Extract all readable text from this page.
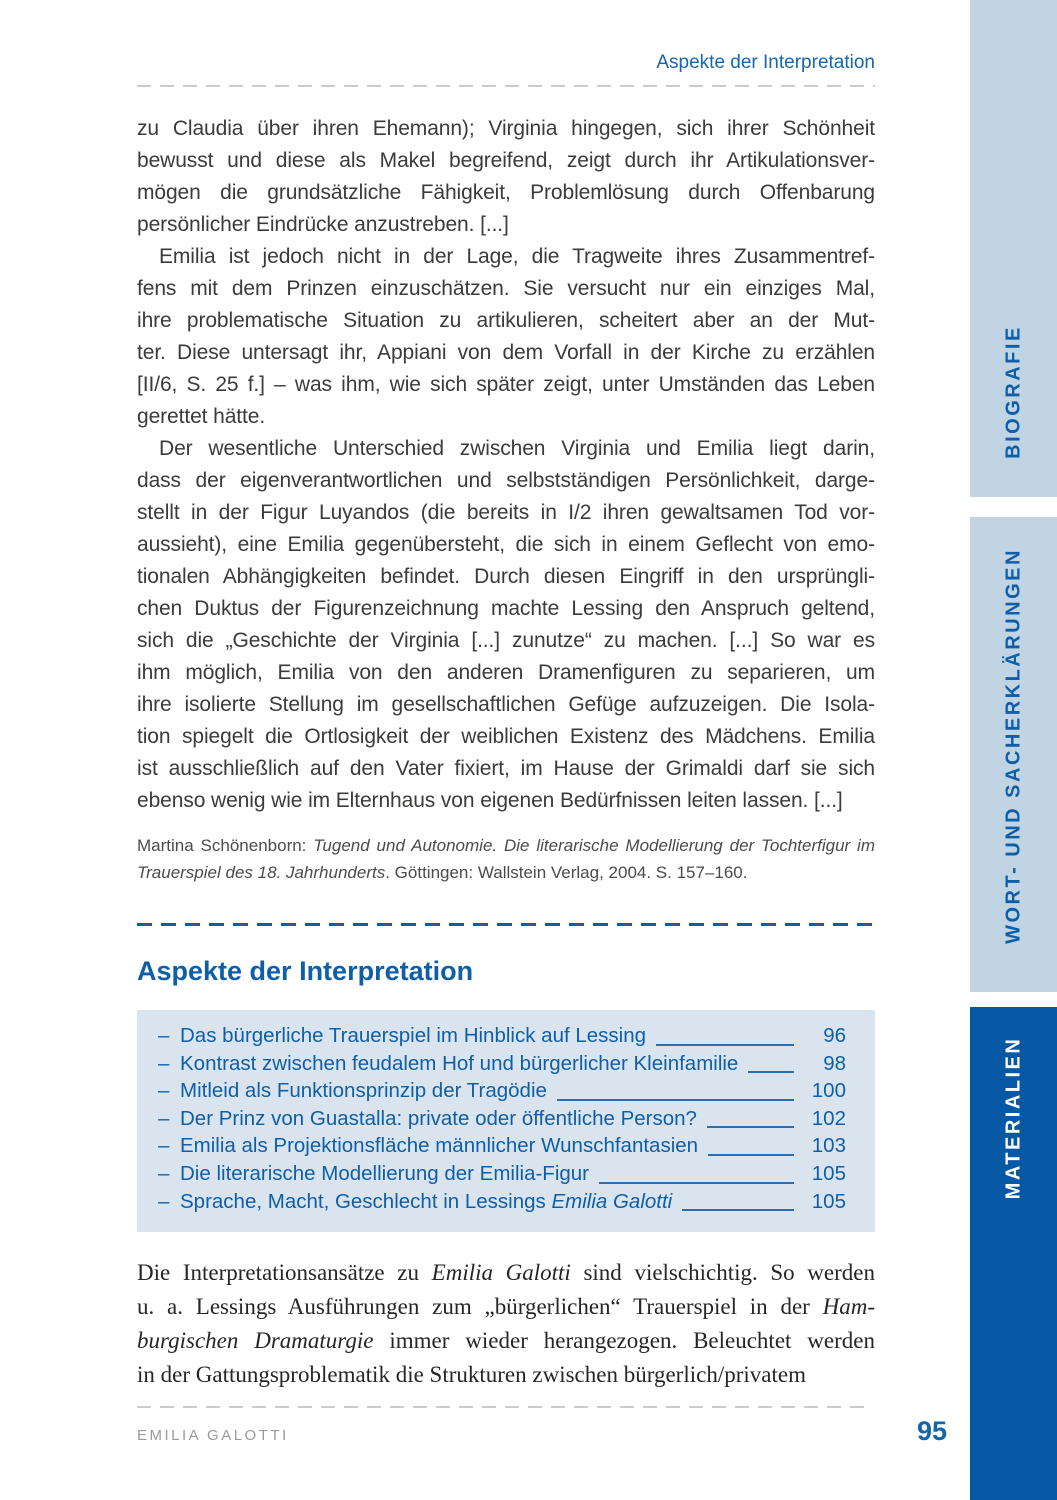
BIOGRAFIE
WORT- UND SACHERKLÄRUNGEN
MATERIALIEN
Aspekte der Interpretation
zu Claudia über ihren Ehemann); Virginia hingegen, sich ihrer Schönheit
bewusst und diese als Makel begreifend, zeigt durch ihr Artikulationsver-
mögen die grundsätzliche Fähigkeit, Problemlösung durch Offenbarung
persönlicher Eindrücke anzustreben. [...]
Emilia ist jedoch nicht in der Lage, die Tragweite ihres Zusammentref-
fens mit dem Prinzen einzuschätzen. Sie versucht nur ein einziges Mal,
ihre problematische Situation zu artikulieren, scheitert aber an der Mut-
ter. Diese untersagt ihr, Appiani von dem Vorfall in der Kirche zu erzählen
[II/6, S. 25 f.] – was ihm, wie sich später zeigt, unter Umständen das Leben
gerettet hätte.
Der wesentliche Unterschied zwischen Virginia und Emilia liegt darin,
dass der eigenverantwortlichen und selbstständigen Persönlichkeit, darge-
stellt in der Figur Luyandos (die bereits in I/2 ihren gewaltsamen Tod vor-
aussieht), eine Emilia gegenübersteht, die sich in einem Geflecht von emo-
tionalen Abhängigkeiten befindet. Durch diesen Eingriff in den ursprüngli-
chen Duktus der Figurenzeichnung machte Lessing den Anspruch geltend,
sich die „Geschichte der Virginia [...] zunutze“ zu machen. [...] So war es
ihm möglich, Emilia von den anderen Dramenfiguren zu separieren, um
ihre isolierte Stellung im gesellschaftlichen Gefüge aufzuzeigen. Die Isola-
tion spiegelt die Ortlosigkeit der weiblichen Existenz des Mädchens. Emilia
ist ausschließlich auf den Vater fixiert, im Hause der Grimaldi darf sie sich
ebenso wenig wie im Elternhaus von eigenen Bedürfnissen leiten lassen. [...]
Martina Schönenborn: Tugend und Autonomie. Die literarische Modellierung der Tochterfigur im
Trauerspiel des 18. Jahrhunderts. Göttingen: Wallstein Verlag, 2004. S. 157–160.
Aspekte der Interpretation
– Das bürgerliche Trauerspiel im Hinblick auf Lessing	96
– Kontrast zwischen feudalem Hof und bürgerlicher Kleinfamilie	98
– Mitleid als Funktionsprinzip der Tragödie	100
– Der Prinz von Guastalla: private oder öffentliche Person?	102
– Emilia als Projektionsfläche männlicher Wunschfantasien	103
– Die literarische Modellierung der Emilia-Figur	105
– Sprache, Macht, Geschlecht in Lessings Emilia Galotti	105
Die Interpretationsansätze zu Emilia Galotti sind vielschichtig. So werden
u. a. Lessings Ausführungen zum „bürgerlichen“ Trauerspiel in der Ham-
burgischen Dramaturgie immer wieder herangezogen. Beleuchtet werden
in der Gattungsproblematik die Strukturen zwischen bürgerlich/privatem
EMILIA GALOTTI	95
